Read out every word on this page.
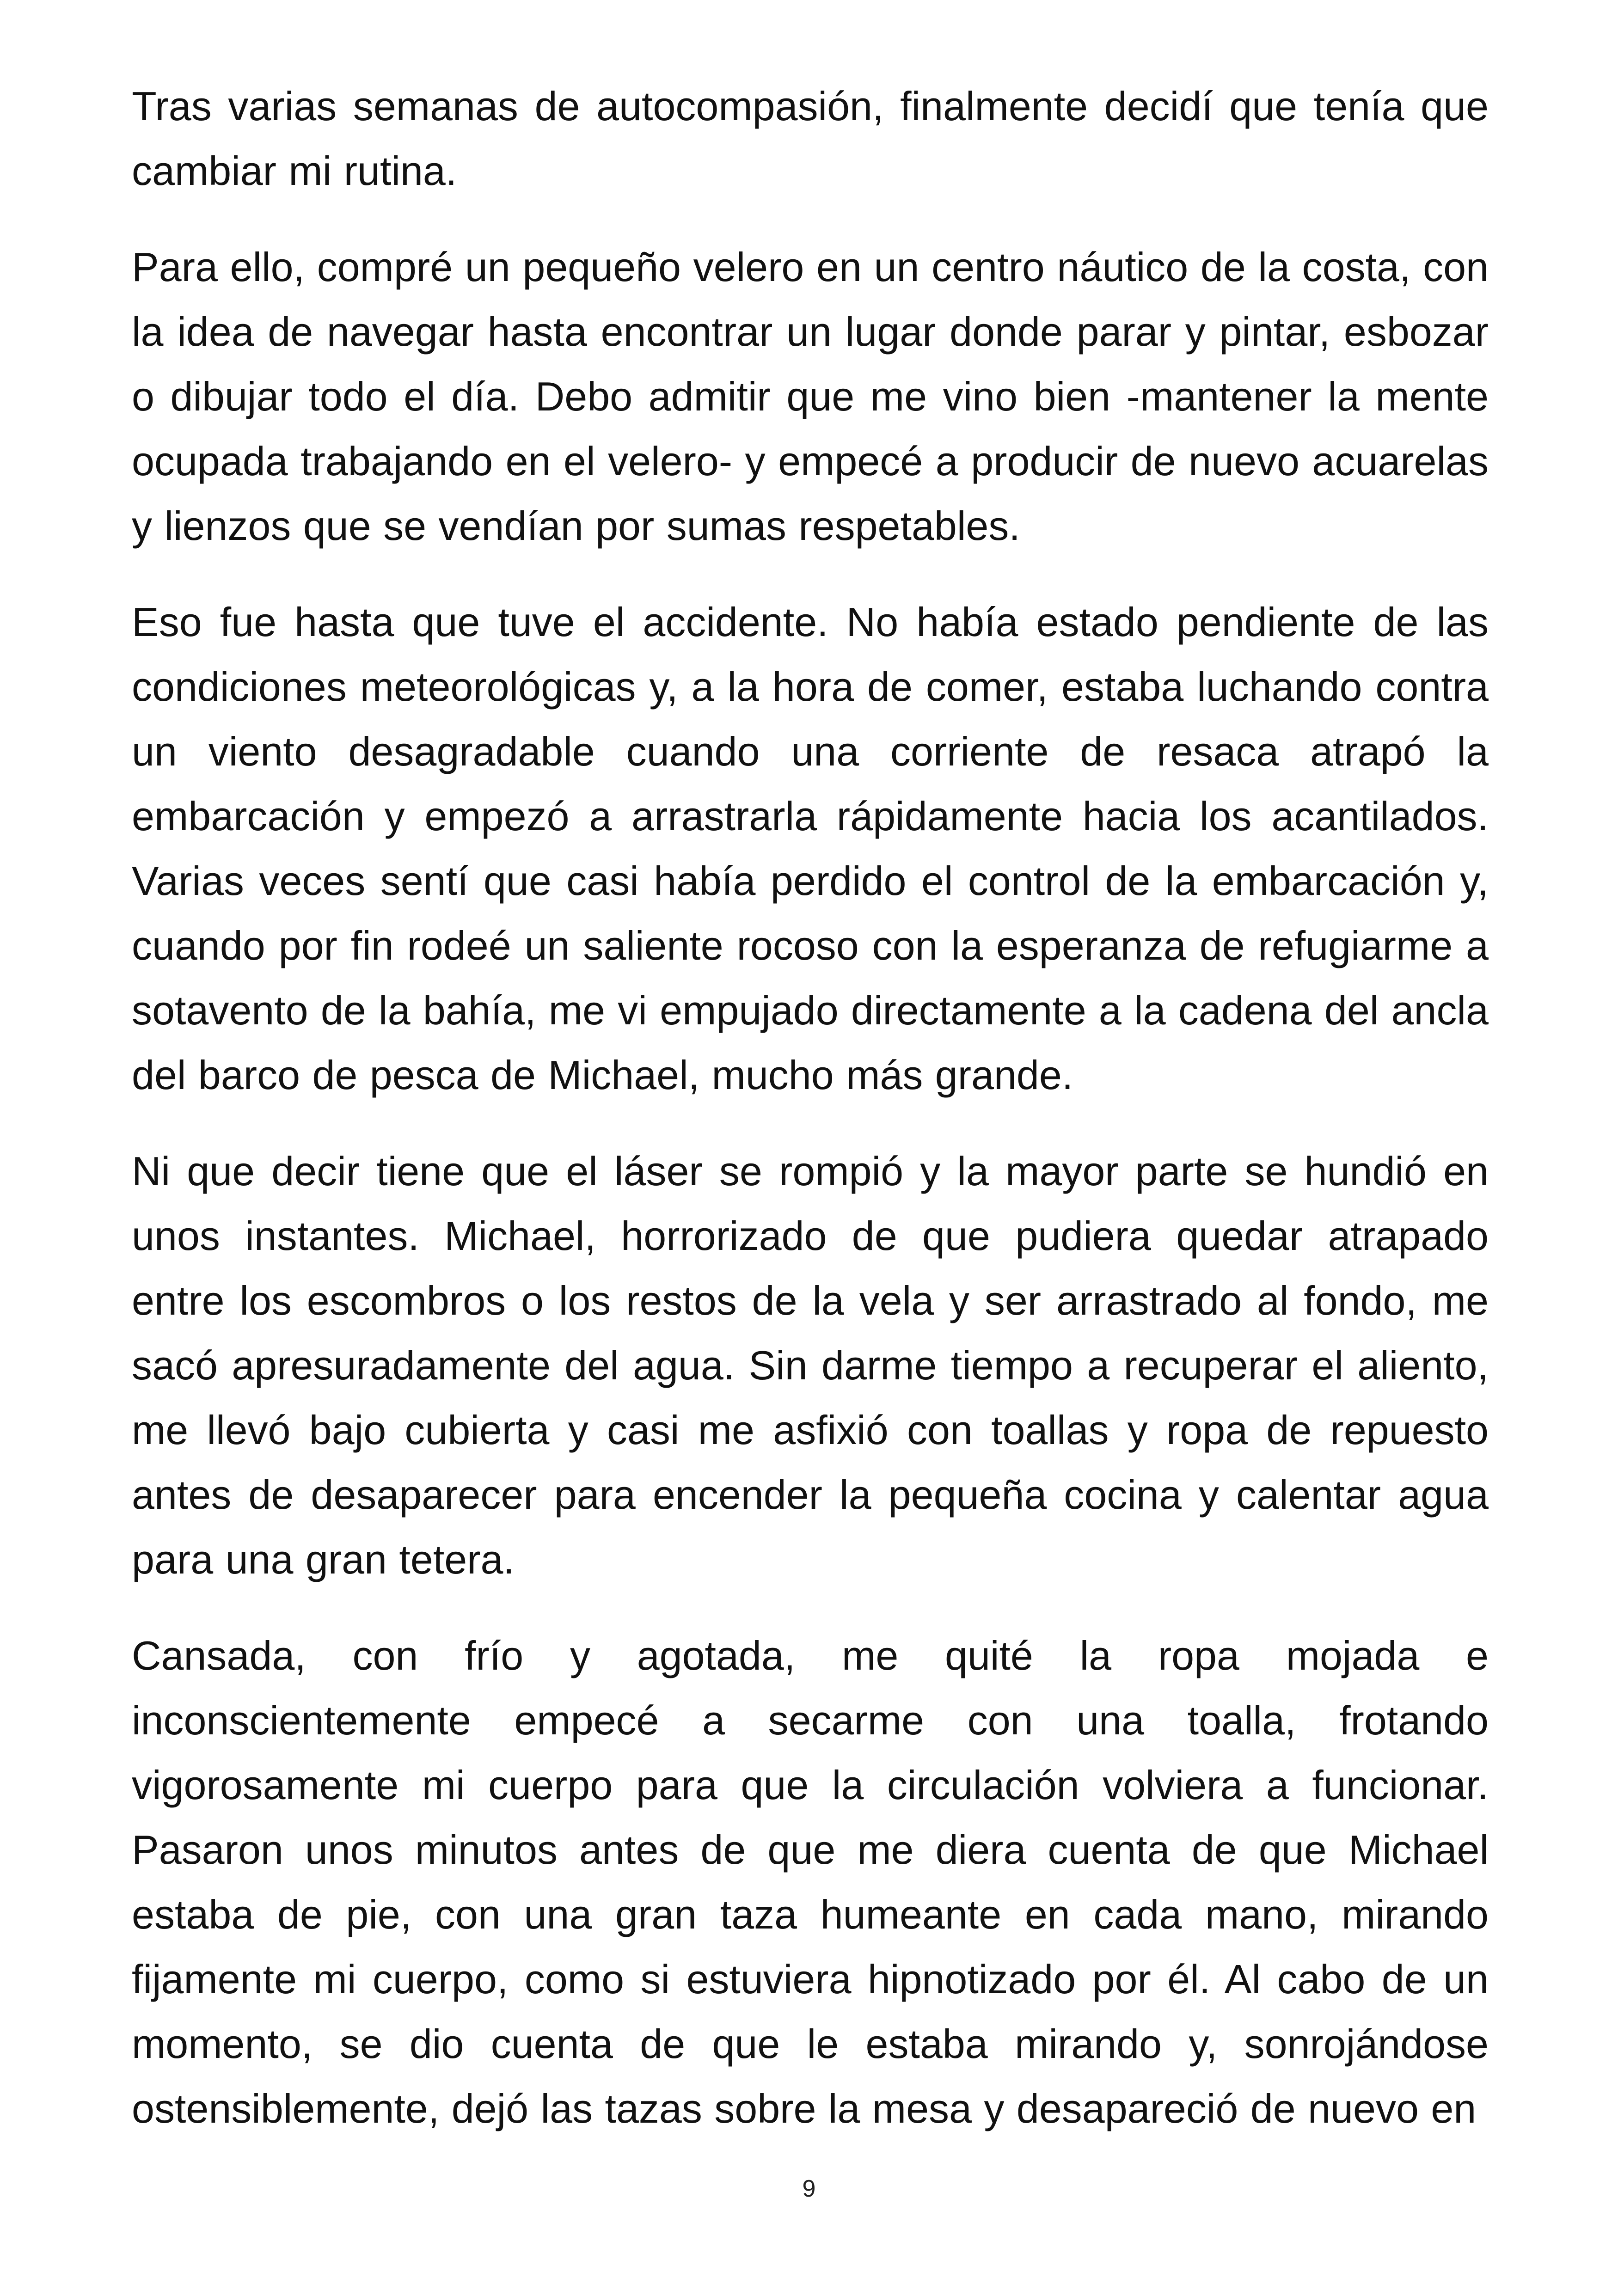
Tras varias semanas de autocompasión, finalmente decidí que tenía que cambiar mi rutina.

Para ello, compré un pequeño velero en un centro náutico de la costa, con la idea de navegar hasta encontrar un lugar donde parar y pintar, esbozar o dibujar todo el día. Debo admitir que me vino bien -mantener la mente ocupada trabajando en el velero- y empecé a producir de nuevo acuarelas y lienzos que se vendían por sumas respetables.

Eso fue hasta que tuve el accidente. No había estado pendiente de las condiciones meteorológicas y, a la hora de comer, estaba luchando contra un viento desagradable cuando una corriente de resaca atrapó la embarcación y empezó a arrastrarla rápidamente hacia los acantilados. Varias veces sentí que casi había perdido el control de la embarcación y, cuando por fin rodeé un saliente rocoso con la esperanza de refugiarme a sotavento de la bahía, me vi empujado directamente a la cadena del ancla del barco de pesca de Michael, mucho más grande.

Ni que decir tiene que el láser se rompió y la mayor parte se hundió en unos instantes. Michael, horrorizado de que pudiera quedar atrapado entre los escombros o los restos de la vela y ser arrastrado al fondo, me sacó apresuradamente del agua. Sin darme tiempo a recuperar el aliento, me llevó bajo cubierta y casi me asfixió con toallas y ropa de repuesto antes de desaparecer para encender la pequeña cocina y calentar agua para una gran tetera.

Cansada, con frío y agotada, me quité la ropa mojada e inconscientemente empecé a secarme con una toalla, frotando vigorosamente mi cuerpo para que la circulación volviera a funcionar. Pasaron unos minutos antes de que me diera cuenta de que Michael estaba de pie, con una gran taza humeante en cada mano, mirando fijamente mi cuerpo, como si estuviera hipnotizado por él. Al cabo de un momento, se dio cuenta de que le estaba mirando y, sonrojándose ostensiblemente, dejó las tazas sobre la mesa y desapareció de nuevo en

9
